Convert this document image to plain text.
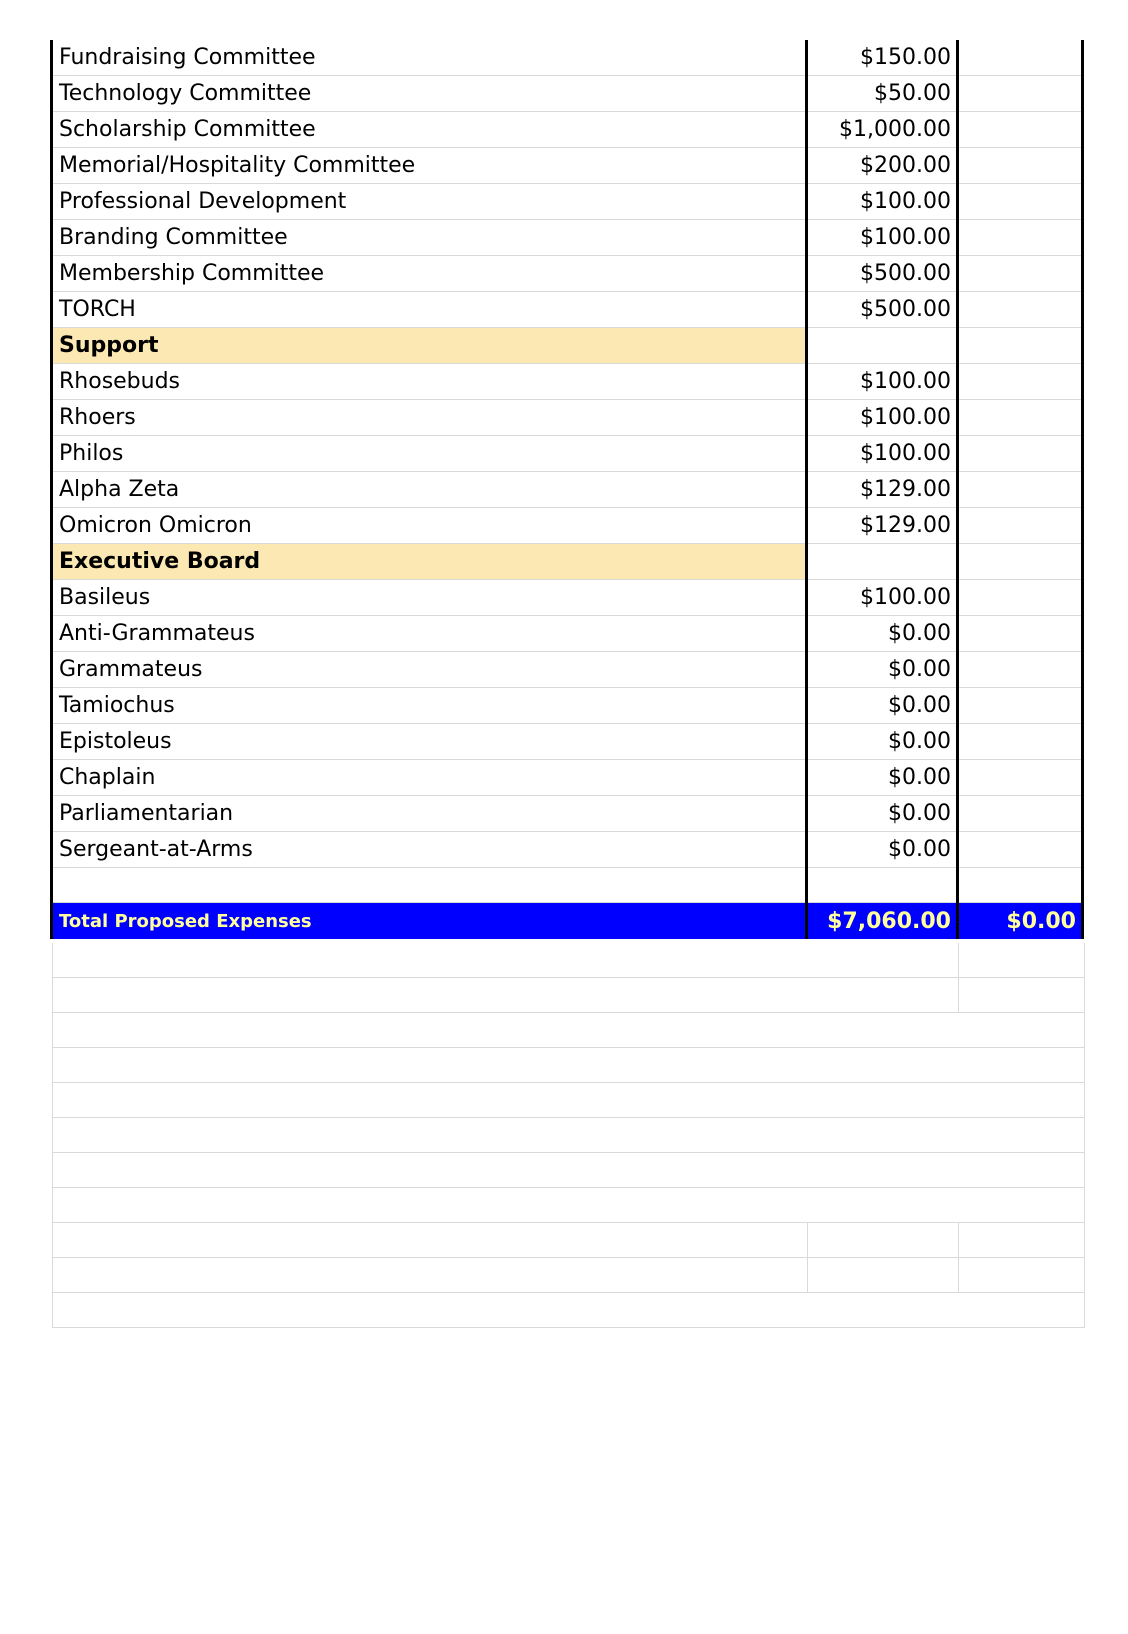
Fundraising Committee	$150.00
Technology Committee	$50.00
Scholarship Committee	$1,000.00
Memorial/Hospitality Committee	$200.00
Professional Development	$100.00
Branding Committee	$100.00
Membership Committee	$500.00
TORCH	$500.00
Support
Rhosebuds	$100.00
Rhoers	$100.00
Philos	$100.00
Alpha Zeta	$129.00
Omicron Omicron	$129.00
Executive Board
Basileus	$100.00
Anti-Grammateus	$0.00
Grammateus	$0.00
Tamiochus	$0.00
Epistoleus	$0.00
Chaplain	$0.00
Parliamentarian	$0.00
Sergeant-at-Arms	$0.00
Total Proposed Expenses	$7,060.00	$0.00
